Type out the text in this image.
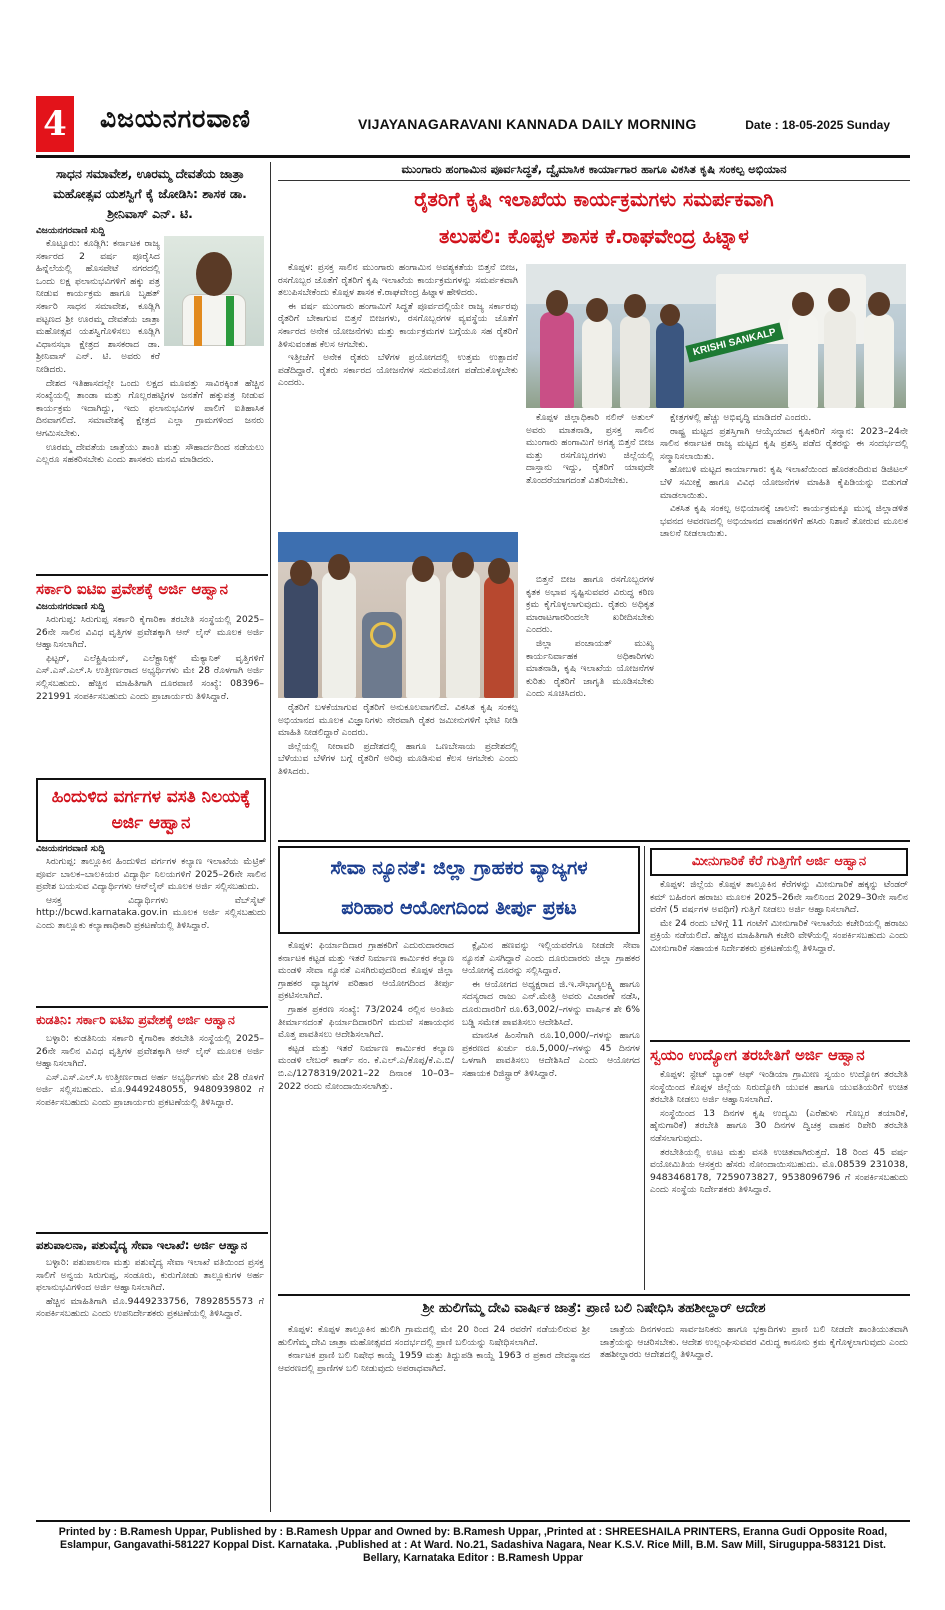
4 ವಿಜಯನಗರವಾಣಿ	VIJAYANAGARAVANI KANNADA DAILY MORNING	Date : 18-05-2025 Sunday
ಸಾಧನ ಸಮಾವೇಶ, ಊರಮ್ಮ ದೇವತೆಯ ಜಾತ್ರಾ ಮಹೋತ್ಸವ ಯಶಸ್ವಿಗೆ ಕೈ ಜೋಡಿಸಿ: ಶಾಸಕ ಡಾ. ಶ್ರೀನಿವಾಸ್ ಎನ್. ಟಿ.
ವಿಜಯನಗರವಾಣಿ ಸುದ್ದಿ

ಕೊಟ್ಟೂರು: ಕೂಡ್ಲಿಗಿ: ಕರ್ನಾಟಕ ರಾಜ್ಯ ಸರ್ಕಾರದ 2 ವರ್ಷ ಪೂರೈಸಿದ ಹಿನ್ನೆಲೆಯಲ್ಲಿ ಹೊಸಪೇಟೆ ನಗರದಲ್ಲಿ ಒಂದು ಲಕ್ಷ ಫಲಾನುಭವಿಗಳಿಗೆ ಹಕ್ಕು ಪತ್ರ ನೀಡುವ ಕಾರ್ಯಕ್ರಮ ಹಾಗೂ ಬೃಹತ್ ಸರ್ಕಾರಿ ಸಾಧನ ಸಮಾವೇಶ, ಕೂಡ್ಲಿಗಿ ಪಟ್ಟಣದ ಶ್ರೀ ಊರಮ್ಮ ದೇವತೆಯ ಜಾತ್ರಾ ಮಹೋತ್ಸವ ಯಶಸ್ವಿಗೊಳಿಸಲು ಕೂಡ್ಲಿಗಿ ವಿಧಾನಸಭಾ ಕ್ಷೇತ್ರದ ಶಾಸಕರಾದ ಡಾ. ಶ್ರೀನಿವಾಸ್ ಎನ್. ಟಿ. ಅವರು ಕರೆ ನೀಡಿದರು.

ದೇಶದ ಇತಿಹಾಸದಲ್ಲೇ ಒಂದು ಲಕ್ಷದ ಮೂವತ್ತು ಸಾವಿರಕ್ಕಿಂತ ಹೆಚ್ಚಿನ ಸಂಖ್ಯೆಯಲ್ಲಿ ತಾಂಡಾ ಮತ್ತು ಗೊಲ್ಲರಹಟ್ಟಿಗಳ ಜನತೆಗೆ ಹಕ್ಕುಪತ್ರ ನೀಡುವ ಕಾರ್ಯಕ್ರಮ ಇದಾಗಿದ್ದು, ಇದು ಫಲಾನುಭವಿಗಳ ಪಾಲಿಗೆ ಐತಿಹಾಸಿಕ ದಿನವಾಗಲಿದೆ. ಸಮಾವೇಶಕ್ಕೆ ಕ್ಷೇತ್ರದ ಎಲ್ಲಾ ಗ್ರಾಮಗಳಿಂದ ಜನರು ಆಗಮಿಸಬೇಕು.

ಊರಮ್ಮ ದೇವತೆಯ ಜಾತ್ರೆಯು ಶಾಂತಿ ಮತ್ತು ಸೌಹಾರ್ದದಿಂದ ನಡೆಯಲು ಎಲ್ಲರೂ ಸಹಕರಿಸಬೇಕು ಎಂದು ಶಾಸಕರು ಮನವಿ ಮಾಡಿದರು.

ಸರ್ಕಾರಿ ಐಟಿಐ ಪ್ರವೇಶಕ್ಕೆ ಅರ್ಜಿ ಆಹ್ವಾನ
ವಿಜಯನಗರವಾಣಿ ಸುದ್ದಿ

ಸಿರುಗುಪ್ಪ: ಸಿರುಗುಪ್ಪ ಸರ್ಕಾರಿ ಕೈಗಾರಿಕಾ ತರಬೇತಿ ಸಂಸ್ಥೆಯಲ್ಲಿ 2025–26ನೇ ಸಾಲಿನ ವಿವಿಧ ವೃತ್ತಿಗಳ ಪ್ರವೇಶಕ್ಕಾಗಿ ಆನ್ ಲೈನ್ ಮೂಲಕ ಅರ್ಜಿ ಆಹ್ವಾನಿಸಲಾಗಿದೆ.

ಫಿಟ್ಟರ್, ಎಲೆಕ್ಟ್ರಿಷಿಯನ್, ಎಲೆಕ್ಟ್ರಾನಿಕ್ಸ್ ಮೆಕ್ಯಾನಿಕ್ ವೃತ್ತಿಗಳಿಗೆ ಎಸ್.ಎಸ್.ಎಲ್.ಸಿ ಉತ್ತೀರ್ಣರಾದ ಅಭ್ಯರ್ಥಿಗಳು ಮೇ 28 ರೊಳಗಾಗಿ ಅರ್ಜಿ ಸಲ್ಲಿಸಬಹುದು. ಹೆಚ್ಚಿನ ಮಾಹಿತಿಗಾಗಿ ದೂರವಾಣಿ ಸಂಖ್ಯೆ: 08396–221991 ಸಂಪರ್ಕಿಸಬಹುದು ಎಂದು ಪ್ರಾಚಾರ್ಯರು ತಿಳಿಸಿದ್ದಾರೆ.

ಹಿಂದುಳಿದ ವರ್ಗಗಳ ವಸತಿ ನಿಲಯಕ್ಕೆ ಅರ್ಜಿ ಆಹ್ವಾನ
ವಿಜಯನಗರವಾಣಿ ಸುದ್ದಿ

ಸಿರುಗುಪ್ಪ: ತಾಲ್ಲೂಕಿನ ಹಿಂದುಳಿದ ವರ್ಗಗಳ ಕಲ್ಯಾಣ ಇಲಾಖೆಯ ಮೆಟ್ರಿಕ್ ಪೂರ್ವ ಬಾಲಕ–ಬಾಲಕಿಯರ ವಿದ್ಯಾರ್ಥಿ ನಿಲಯಗಳಿಗೆ 2025–26ನೇ ಸಾಲಿನ ಪ್ರವೇಶ ಬಯಸುವ ವಿದ್ಯಾರ್ಥಿಗಳು ಆನ್‌ಲೈನ್ ಮೂಲಕ ಅರ್ಜಿ ಸಲ್ಲಿಸಬಹುದು.

ಆಸಕ್ತ ವಿದ್ಯಾರ್ಥಿಗಳು ವೆಬ್‌ಸೈಟ್ http://bcwd.karnataka.gov.in ಮೂಲಕ ಅರ್ಜಿ ಸಲ್ಲಿಸಬಹುದು ಎಂದು ತಾಲ್ಲೂಕು ಕಲ್ಯಾಣಾಧಿಕಾರಿ ಪ್ರಕಟಣೆಯಲ್ಲಿ ತಿಳಿಸಿದ್ದಾರೆ.

ಕುಡತಿನಿ: ಸರ್ಕಾರಿ ಐಟಿಐ ಪ್ರವೇಶಕ್ಕೆ ಅರ್ಜಿ ಆಹ್ವಾನ

ಬಳ್ಳಾರಿ: ಕುಡತಿನಿಯ ಸರ್ಕಾರಿ ಕೈಗಾರಿಕಾ ತರಬೇತಿ ಸಂಸ್ಥೆಯಲ್ಲಿ 2025–26ನೇ ಸಾಲಿನ ವಿವಿಧ ವೃತ್ತಿಗಳ ಪ್ರವೇಶಕ್ಕಾಗಿ ಆನ್ ಲೈನ್ ಮೂಲಕ ಅರ್ಜಿ ಆಹ್ವಾನಿಸಲಾಗಿದೆ.

ಎಸ್.ಎಸ್.ಎಲ್.ಸಿ ಉತ್ತೀರ್ಣರಾದ ಅರ್ಹ ಅಭ್ಯರ್ಥಿಗಳು ಮೇ 28 ರೊಳಗೆ ಅರ್ಜಿ ಸಲ್ಲಿಸಬಹುದು. ಮೊ.9449248055, 9480939802 ಗೆ ಸಂಪರ್ಕಿಸಬಹುದು ಎಂದು ಪ್ರಾಚಾರ್ಯರು ಪ್ರಕಟಣೆಯಲ್ಲಿ ತಿಳಿಸಿದ್ದಾರೆ.

ಪಶುಪಾಲನಾ, ಪಶುವೈದ್ಯ ಸೇವಾ ಇಲಾಖೆ: ಅರ್ಜಿ ಆಹ್ವಾನ

ಬಳ್ಳಾರಿ: ಪಶುಪಾಲನಾ ಮತ್ತು ಪಶುವೈದ್ಯ ಸೇವಾ ಇಲಾಖೆ ವತಿಯಿಂದ ಪ್ರಸಕ್ತ ಸಾಲಿಗೆ ಅನ್ವಯ ಸಿರುಗುಪ್ಪ, ಸಂಡೂರು, ಕುರುಗೋಡು ತಾಲ್ಲೂಕುಗಳ ಅರ್ಹ ಫಲಾನುಭವಿಗಳಿಂದ ಅರ್ಜಿ ಆಹ್ವಾನಿಸಲಾಗಿದೆ.

ಹೆಚ್ಚಿನ ಮಾಹಿತಿಗಾಗಿ ಮೊ.9449233756, 7892855573 ಗೆ ಸಂಪರ್ಕಿಸಬಹುದು ಎಂದು ಉಪನಿರ್ದೇಶಕರು ಪ್ರಕಟಣೆಯಲ್ಲಿ ತಿಳಿಸಿದ್ದಾರೆ.

ಮುಂಗಾರು ಹಂಗಾಮಿನ ಪೂರ್ವಸಿದ್ಧತೆ, ದ್ವೈಮಾಸಿಕ ಕಾರ್ಯಾಗಾರ ಹಾಗೂ ವಿಕಸಿತ ಕೃಷಿ ಸಂಕಲ್ಪ ಅಭಿಯಾನ
ರೈತರಿಗೆ ಕೃಷಿ ಇಲಾಖೆಯ ಕಾರ್ಯಕ್ರಮಗಳು ಸಮರ್ಪಕವಾಗಿ
ತಲುಪಲಿ: ಕೊಪ್ಪಳ ಶಾಸಕ ಕೆ.ರಾಘವೇಂದ್ರ ಹಿಟ್ನಾಳ

ಕೊಪ್ಪಳ: ಪ್ರಸಕ್ತ ಸಾಲಿನ ಮುಂಗಾರು ಹಂಗಾಮಿನ ಅವಶ್ಯಕತೆಯ ಬಿತ್ತನೆ ಬೀಜ, ರಸಗೊಬ್ಬರ ಜೊತೆಗೆ ರೈತರಿಗೆ ಕೃಷಿ ಇಲಾಖೆಯ ಕಾರ್ಯಕ್ರಮಗಳನ್ನು ಸಮರ್ಪಕವಾಗಿ ತಲುಪಿಸಬೇಕೆಂದು ಕೊಪ್ಪಳ ಶಾಸಕ ಕೆ.ರಾಘವೇಂದ್ರ ಹಿಟ್ನಾಳ ಹೇಳಿದರು.

ಈ ವರ್ಷ ಮುಂಗಾರು ಹಂಗಾಮಿಗೆ ಸಿದ್ಧತೆ ಪೂರ್ವದಲ್ಲಿಯೇ ರಾಜ್ಯ ಸರ್ಕಾರವು ರೈತರಿಗೆ ಬೇಕಾಗುವ ಬಿತ್ತನೆ ಬೀಜಗಳು, ರಸಗೊಬ್ಬರಗಳ ವ್ಯವಸ್ಥೆಯ ಜೊತೆಗೆ ಸರ್ಕಾರದ ಅನೇಕ ಯೋಜನೆಗಳು ಮತ್ತು ಕಾರ್ಯಕ್ರಮಗಳ ಬಗ್ಗೆಯೂ ಸಹ ರೈತರಿಗೆ ತಿಳಿಸುವಂತಹ ಕೆಲಸ ಆಗಬೇಕು.

ಇತ್ತೀಚೆಗೆ ಅನೇಕ ರೈತರು ಬೆಳೆಗಳ ಪ್ರಯೋಗದಲ್ಲಿ ಉತ್ತಮ ಉತ್ಪಾದನೆ ಪಡೆದಿದ್ದಾರೆ. ರೈತರು ಸರ್ಕಾರದ ಯೋಜನೆಗಳ ಸದುಪಯೋಗ ಪಡೆದುಕೊಳ್ಳಬೇಕು ಎಂದರು.

KRISHI SANKALP

ಕೊಪ್ಪಳ ಜಿಲ್ಲಾಧಿಕಾರಿ ನಲಿನ್ ಅತುಲ್ ಅವರು ಮಾತನಾಡಿ, ಪ್ರಸಕ್ತ ಸಾಲಿನ ಮುಂಗಾರು ಹಂಗಾಮಿಗೆ ಅಗತ್ಯ ಬಿತ್ತನೆ ಬೀಜ ಮತ್ತು ರಸಗೊಬ್ಬರಗಳು ಜಿಲ್ಲೆಯಲ್ಲಿ ದಾಸ್ತಾನು ಇದ್ದು, ರೈತರಿಗೆ ಯಾವುದೇ ತೊಂದರೆಯಾಗದಂತೆ ವಿತರಿಸಬೇಕು.

ಬಿತ್ತನೆ ಬೀಜ ಹಾಗೂ ರಸಗೊಬ್ಬರಗಳ ಕೃತಕ ಅಭಾವ ಸೃಷ್ಟಿಸುವವರ ವಿರುದ್ಧ ಕಠಿಣ ಕ್ರಮ ಕೈಗೊಳ್ಳಲಾಗುವುದು. ರೈತರು ಅಧಿಕೃತ ಮಾರಾಟಗಾರರಿಂದಲೇ ಖರೀದಿಸಬೇಕು ಎಂದರು.

ಜಿಲ್ಲಾ ಪಂಚಾಯತ್ ಮುಖ್ಯ ಕಾರ್ಯನಿರ್ವಾಹಕ ಅಧಿಕಾರಿಗಳು ಮಾತನಾಡಿ, ಕೃಷಿ ಇಲಾಖೆಯ ಯೋಜನೆಗಳ ಕುರಿತು ರೈತರಿಗೆ ಜಾಗೃತಿ ಮೂಡಿಸಬೇಕು ಎಂದು ಸೂಚಿಸಿದರು.

ಕ್ಷೇತ್ರಗಳಲ್ಲಿ ಹೆಚ್ಚು ಅಭಿವೃದ್ಧಿ ಮಾಡಿದರೆ ಎಂದರು.

ರಾಷ್ಟ್ರ ಮಟ್ಟದ ಪ್ರಶಸ್ತಿಗಾಗಿ ಆಯ್ಕೆಯಾದ ಕೃಷಿಕರಿಗೆ ಸನ್ಮಾನ: 2023–24ನೇ ಸಾಲಿನ ಕರ್ನಾಟಕ ರಾಜ್ಯ ಮಟ್ಟದ ಕೃಷಿ ಪ್ರಶಸ್ತಿ ಪಡೆದ ರೈತರನ್ನು ಈ ಸಂದರ್ಭದಲ್ಲಿ ಸನ್ಮಾನಿಸಲಾಯಿತು.

ಹೋಬಳಿ ಮಟ್ಟದ ಕಾರ್ಯಾಗಾರ: ಕೃಷಿ ಇಲಾಖೆಯಿಂದ ಹೊರತಂದಿರುವ ಡಿಜಿಟಲ್ ಬೆಳೆ ಸಮೀಕ್ಷೆ ಹಾಗೂ ವಿವಿಧ ಯೋಜನೆಗಳ ಮಾಹಿತಿ ಕೈಪಿಡಿಯನ್ನು ಬಿಡುಗಡೆ ಮಾಡಲಾಯಿತು.

ವಿಕಸಿತ ಕೃಷಿ ಸಂಕಲ್ಪ ಅಭಿಯಾನಕ್ಕೆ ಚಾಲನೆ: ಕಾರ್ಯಕ್ರಮಕ್ಕೂ ಮುನ್ನ ಜಿಲ್ಲಾಡಳಿತ ಭವನದ ಆವರಣದಲ್ಲಿ ಅಭಿಯಾನದ ವಾಹನಗಳಿಗೆ ಹಸಿರು ನಿಶಾನೆ ತೋರುವ ಮೂಲಕ ಚಾಲನೆ ನೀಡಲಾಯಿತು.

ರೈತರಿಗೆ ಬಳಕೆಯಾಗುವ ರೈತರಿಗೆ ಅನುಕೂಲವಾಗಲಿದೆ. ವಿಕಸಿತ ಕೃಷಿ ಸಂಕಲ್ಪ ಅಭಿಯಾನದ ಮೂಲಕ ವಿಜ್ಞಾನಿಗಳು ನೇರವಾಗಿ ರೈತರ ಜಮೀನುಗಳಿಗೆ ಭೇಟಿ ನೀಡಿ ಮಾಹಿತಿ ನೀಡಲಿದ್ದಾರೆ ಎಂದರು.

ಜಿಲ್ಲೆಯಲ್ಲಿ ನೀರಾವರಿ ಪ್ರದೇಶದಲ್ಲಿ ಹಾಗೂ ಒಣಬೇಸಾಯ ಪ್ರದೇಶದಲ್ಲಿ ಬೆಳೆಯುವ ಬೆಳೆಗಳ ಬಗ್ಗೆ ರೈತರಿಗೆ ಅರಿವು ಮೂಡಿಸುವ ಕೆಲಸ ಆಗಬೇಕು ಎಂದು ತಿಳಿಸಿದರು.

ಸೇವಾ ನ್ಯೂನತೆ: ಜಿಲ್ಲಾ ಗ್ರಾಹಕರ ವ್ಯಾಜ್ಯಗಳ
ಪರಿಹಾರ ಆಯೋಗದಿಂದ ತೀರ್ಪು ಪ್ರಕಟ

ಕೊಪ್ಪಳ: ಫಿರ್ಯಾದಿದಾರ ಗ್ರಾಹಕರಿಗೆ ಎದುರುದಾರರಾದ ಕರ್ನಾಟಕ ಕಟ್ಟಡ ಮತ್ತು ಇತರೆ ನಿರ್ಮಾಣ ಕಾರ್ಮಿಕರ ಕಲ್ಯಾಣ ಮಂಡಳಿ ಸೇವಾ ನ್ಯೂನತೆ ಎಸಗಿರುವುದರಿಂದ ಕೊಪ್ಪಳ ಜಿಲ್ಲಾ ಗ್ರಾಹಕರ ವ್ಯಾಜ್ಯಗಳ ಪರಿಹಾರ ಆಯೋಗದಿಂದ ತೀರ್ಪು ಪ್ರಕಟಿಸಲಾಗಿದೆ.

ಗ್ರಾಹಕ ಪ್ರಕರಣ ಸಂಖ್ಯೆ: 73/2024 ರಲ್ಲಿನ ಅಂತಿಮ ತೀರ್ಮಾನದಂತೆ ಫಿರ್ಯಾದಿದಾರರಿಗೆ ಮದುವೆ ಸಹಾಯಧನ ಮೊತ್ತ ಪಾವತಿಸಲು ಆದೇಶಿಸಲಾಗಿದೆ.

ಕಟ್ಟಡ ಮತ್ತು ಇತರೆ ನಿರ್ಮಾಣ ಕಾರ್ಮಿಕರ ಕಲ್ಯಾಣ ಮಂಡಳಿ ಲೇಬರ್ ಕಾರ್ಡ್ ನಂ. ಕೆ.ಎಲ್.ಎ/ಕೊಪ್ಪ/ಕೆ.ಎ.ಬಿ/ಬಿ.ಎ/1278319/2021–22 ದಿನಾಂಕ 10–03–2022 ರಂದು ನೋಂದಾಯಿಸಲಾಗಿತ್ತು.

ಕ್ಲೈಮಿನ ಹಣವನ್ನು ಇಲ್ಲಿಯವರೆಗೂ ನೀಡದೇ ಸೇವಾ ನ್ಯೂನತೆ ಎಸಗಿದ್ದಾರೆ ಎಂದು ದೂರುದಾರರು ಜಿಲ್ಲಾ ಗ್ರಾಹಕರ ಆಯೋಗಕ್ಕೆ ದೂರನ್ನು ಸಲ್ಲಿಸಿದ್ದಾರೆ.

ಈ ಆಯೋಗದ ಅಧ್ಯಕ್ಷರಾದ ಜಿ.ಇ.ಸೌಭಾಗ್ಯಲಕ್ಷ್ಮಿ ಹಾಗೂ ಸದಸ್ಯರಾದ ರಾಜು ಎನ್.ಮೇತ್ರಿ ಅವರು ವಿಚಾರಣೆ ನಡೆಸಿ, ದೂರುದಾರರಿಗೆ ರೂ.63,002/–ಗಳನ್ನು ವಾರ್ಷಿಕ ಶೇ 6% ಬಡ್ಡಿ ಸಮೇತ ಪಾವತಿಸಲು ಆದೇಶಿಸಿದೆ.

ಮಾನಸಿಕ ಹಿಂಸೆಗಾಗಿ ರೂ.10,000/–ಗಳನ್ನು ಹಾಗೂ ಪ್ರಕರಣದ ಖರ್ಚು ರೂ.5,000/–ಗಳನ್ನು 45 ದಿನಗಳ ಒಳಗಾಗಿ ಪಾವತಿಸಲು ಆದೇಶಿಸಿದೆ ಎಂದು ಆಯೋಗದ ಸಹಾಯಕ ರಿಜಿಸ್ಟ್ರಾರ್ ತಿಳಿಸಿದ್ದಾರೆ.

ಮೀನುಗಾರಿಕೆ ಕೆರೆ ಗುತ್ತಿಗೆಗೆ ಅರ್ಜಿ ಆಹ್ವಾನ

ಕೊಪ್ಪಳ: ಜಿಲ್ಲೆಯ ಕೊಪ್ಪಳ ತಾಲ್ಲೂಕಿನ ಕೆರೆಗಳನ್ನು ಮೀನುಗಾರಿಕೆ ಹಕ್ಕನ್ನು ಟೆಂಡರ್ ಕಮ್ ಬಹಿರಂಗ ಹರಾಜು ಮೂಲಕ 2025–26ನೇ ಸಾಲಿನಿಂದ 2029–30ನೇ ಸಾಲಿನ ವರೆಗೆ (5 ವರ್ಷಗಳ ಅವಧಿಗೆ) ಗುತ್ತಿಗೆ ನೀಡಲು ಅರ್ಜಿ ಆಹ್ವಾನಿಸಲಾಗಿದೆ.

ಮೇ 24 ರಂದು ಬೆಳಿಗ್ಗೆ 11 ಗಂಟೆಗೆ ಮೀನುಗಾರಿಕೆ ಇಲಾಖೆಯ ಕಚೇರಿಯಲ್ಲಿ ಹರಾಜು ಪ್ರಕ್ರಿಯೆ ನಡೆಯಲಿದೆ. ಹೆಚ್ಚಿನ ಮಾಹಿತಿಗಾಗಿ ಕಚೇರಿ ವೇಳೆಯಲ್ಲಿ ಸಂಪರ್ಕಿಸಬಹುದು ಎಂದು ಮೀನುಗಾರಿಕೆ ಸಹಾಯಕ ನಿರ್ದೇಶಕರು ಪ್ರಕಟಣೆಯಲ್ಲಿ ತಿಳಿಸಿದ್ದಾರೆ.

ಸ್ವಯಂ ಉದ್ಯೋಗ ತರಬೇತಿಗೆ ಅರ್ಜಿ ಆಹ್ವಾನ

ಕೊಪ್ಪಳ: ಸ್ಟೇಟ್ ಬ್ಯಾಂಕ್ ಆಫ್ ಇಂಡಿಯಾ ಗ್ರಾಮೀಣ ಸ್ವಯಂ ಉದ್ಯೋಗ ತರಬೇತಿ ಸಂಸ್ಥೆಯಿಂದ ಕೊಪ್ಪಳ ಜಿಲ್ಲೆಯ ನಿರುದ್ಯೋಗಿ ಯುವಕ ಹಾಗೂ ಯುವತಿಯರಿಗೆ ಉಚಿತ ತರಬೇತಿ ನೀಡಲು ಅರ್ಜಿ ಆಹ್ವಾನಿಸಲಾಗಿದೆ.

ಸಂಸ್ಥೆಯಿಂದ 13 ದಿನಗಳ ಕೃಷಿ ಉದ್ಯಮಿ (ಎರೆಹುಳು ಗೊಬ್ಬರ ತಯಾರಿಕೆ, ಹೈನುಗಾರಿಕೆ) ತರಬೇತಿ ಹಾಗೂ 30 ದಿನಗಳ ದ್ವಿಚಕ್ರ ವಾಹನ ರಿಪೇರಿ ತರಬೇತಿ ನಡೆಸಲಾಗುವುದು.

ತರಬೇತಿಯಲ್ಲಿ ಊಟ ಮತ್ತು ವಸತಿ ಉಚಿತವಾಗಿರುತ್ತದೆ. 18 ರಿಂದ 45 ವರ್ಷ ವಯೋಮಿತಿಯ ಆಸಕ್ತರು ಹೆಸರು ನೋಂದಾಯಿಸಬಹುದು. ಮೊ.08539 231038, 9483468178, 7259073827, 9538096796 ಗೆ ಸಂಪರ್ಕಿಸಬಹುದು ಎಂದು ಸಂಸ್ಥೆಯ ನಿರ್ದೇಶಕರು ತಿಳಿಸಿದ್ದಾರೆ.

ಶ್ರೀ ಹುಲಿಗೆಮ್ಮ ದೇವಿ ವಾರ್ಷಿಕ ಜಾತ್ರೆ: ಪ್ರಾಣಿ ಬಲಿ ನಿಷೇಧಿಸಿ ತಹಶೀಲ್ದಾರ್ ಆದೇಶ

ಕೊಪ್ಪಳ: ಕೊಪ್ಪಳ ತಾಲ್ಲೂಕಿನ ಹುಲಿಗಿ ಗ್ರಾಮದಲ್ಲಿ ಮೇ 20 ರಿಂದ 24 ರವರೆಗೆ ನಡೆಯಲಿರುವ ಶ್ರೀ ಹುಲಿಗೆಮ್ಮ ದೇವಿ ಜಾತ್ರಾ ಮಹೋತ್ಸವದ ಸಂದರ್ಭದಲ್ಲಿ ಪ್ರಾಣಿ ಬಲಿಯನ್ನು ನಿಷೇಧಿಸಲಾಗಿದೆ.

ಕರ್ನಾಟಕ ಪ್ರಾಣಿ ಬಲಿ ನಿಷೇಧ ಕಾಯ್ದೆ 1959 ಮತ್ತು ತಿದ್ದುಪಡಿ ಕಾಯ್ದೆ 1963 ರ ಪ್ರಕಾರ ದೇವಸ್ಥಾನದ ಆವರಣದಲ್ಲಿ ಪ್ರಾಣಿಗಳ ಬಲಿ ನೀಡುವುದು ಅಪರಾಧವಾಗಿದೆ.

ಜಾತ್ರೆಯ ದಿನಗಳಂದು ಸಾರ್ವಜನಿಕರು ಹಾಗೂ ಭಕ್ತಾದಿಗಳು ಪ್ರಾಣಿ ಬಲಿ ನೀಡದೇ ಶಾಂತಿಯುತವಾಗಿ ಜಾತ್ರೆಯನ್ನು ಆಚರಿಸಬೇಕು. ಆದೇಶ ಉಲ್ಲಂಘಿಸುವವರ ವಿರುದ್ಧ ಕಾನೂನು ಕ್ರಮ ಕೈಗೊಳ್ಳಲಾಗುವುದು ಎಂದು ತಹಶೀಲ್ದಾರರು ಆದೇಶದಲ್ಲಿ ತಿಳಿಸಿದ್ದಾರೆ.

Printed by : B.Ramesh Uppar, Published by : B.Ramesh Uppar and Owned by: B.Ramesh Uppar, ,Printed at : SHREESHAILA PRINTERS, Eranna Gudi Opposite Road,
Eslampur, Gangavathi-581227 Koppal Dist. Karnataka. ,Published at : At Ward. No.21, Sadashiva Nagara, Near K.S.V. Rice Mill, B.M. Saw Mill, Siruguppa-583121 Dist.
Bellary, Karnataka Editor : B.Ramesh Uppar
